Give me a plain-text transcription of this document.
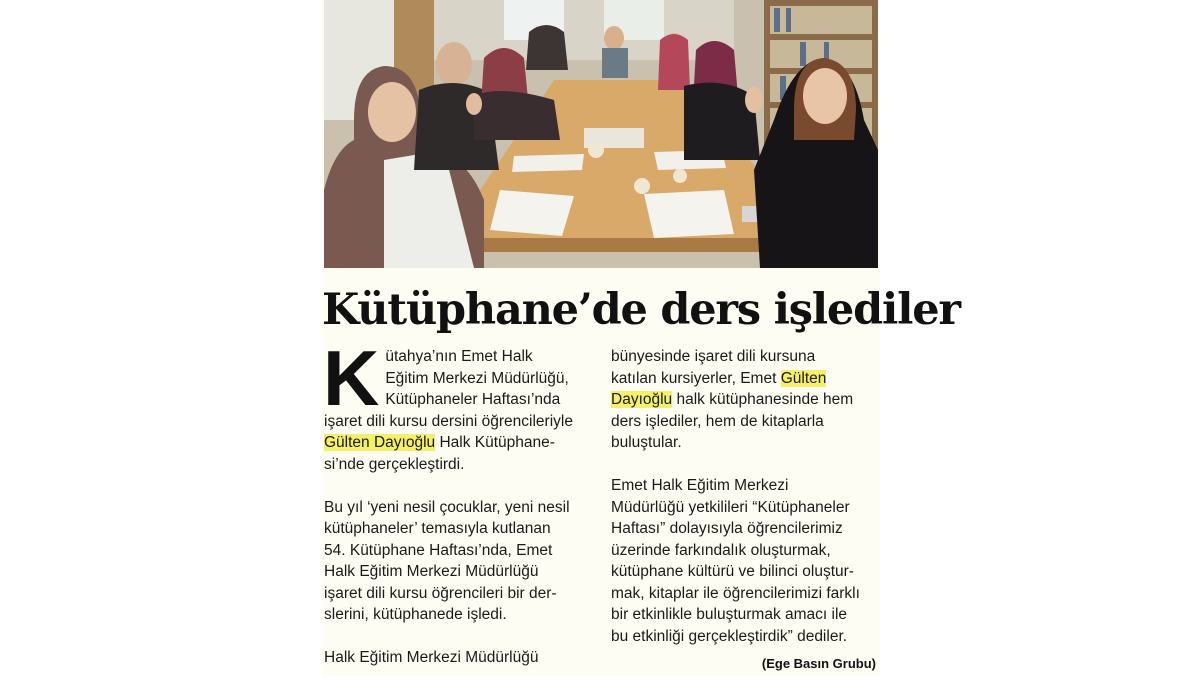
Kütüphane’de ders işlediler
K ütahya’nın Emet Halk
Eğitim Merkezi Müdürlüğü,
Kütüphaneler Haftası’nda
işaret dili kursu dersini öğrencileriyle
Gülten Dayıoğlu Halk Kütüphane-
si’nde gerçekleştirdi.
Bu yıl ‘yeni nesil çocuklar, yeni nesil
kütüphaneler’ temasıyla kutlanan
54. Kütüphane Haftası’nda, Emet
Halk Eğitim Merkezi Müdürlüğü
işaret dili kursu öğrencileri bir der-
slerini, kütüphanede işledi.
Halk Eğitim Merkezi Müdürlüğü
bünyesinde işaret dili kursuna
katılan kursiyerler, Emet Gülten
Dayıoğlu halk kütüphanesinde hem
ders işlediler, hem de kitaplarla
buluştular.
Emet Halk Eğitim Merkezi
Müdürlüğü yetkilileri “Kütüphaneler
Haftası” dolayısıyla öğrencilerimiz
üzerinde farkındalık oluşturmak,
kütüphane kültürü ve bilinci oluştur-
mak, kitaplar ile öğrencilerimizi farklı
bir etkinlikle buluşturmak amacı ile
bu etkinliği gerçekleştirdik” dediler.
(Ege Basın Grubu)
